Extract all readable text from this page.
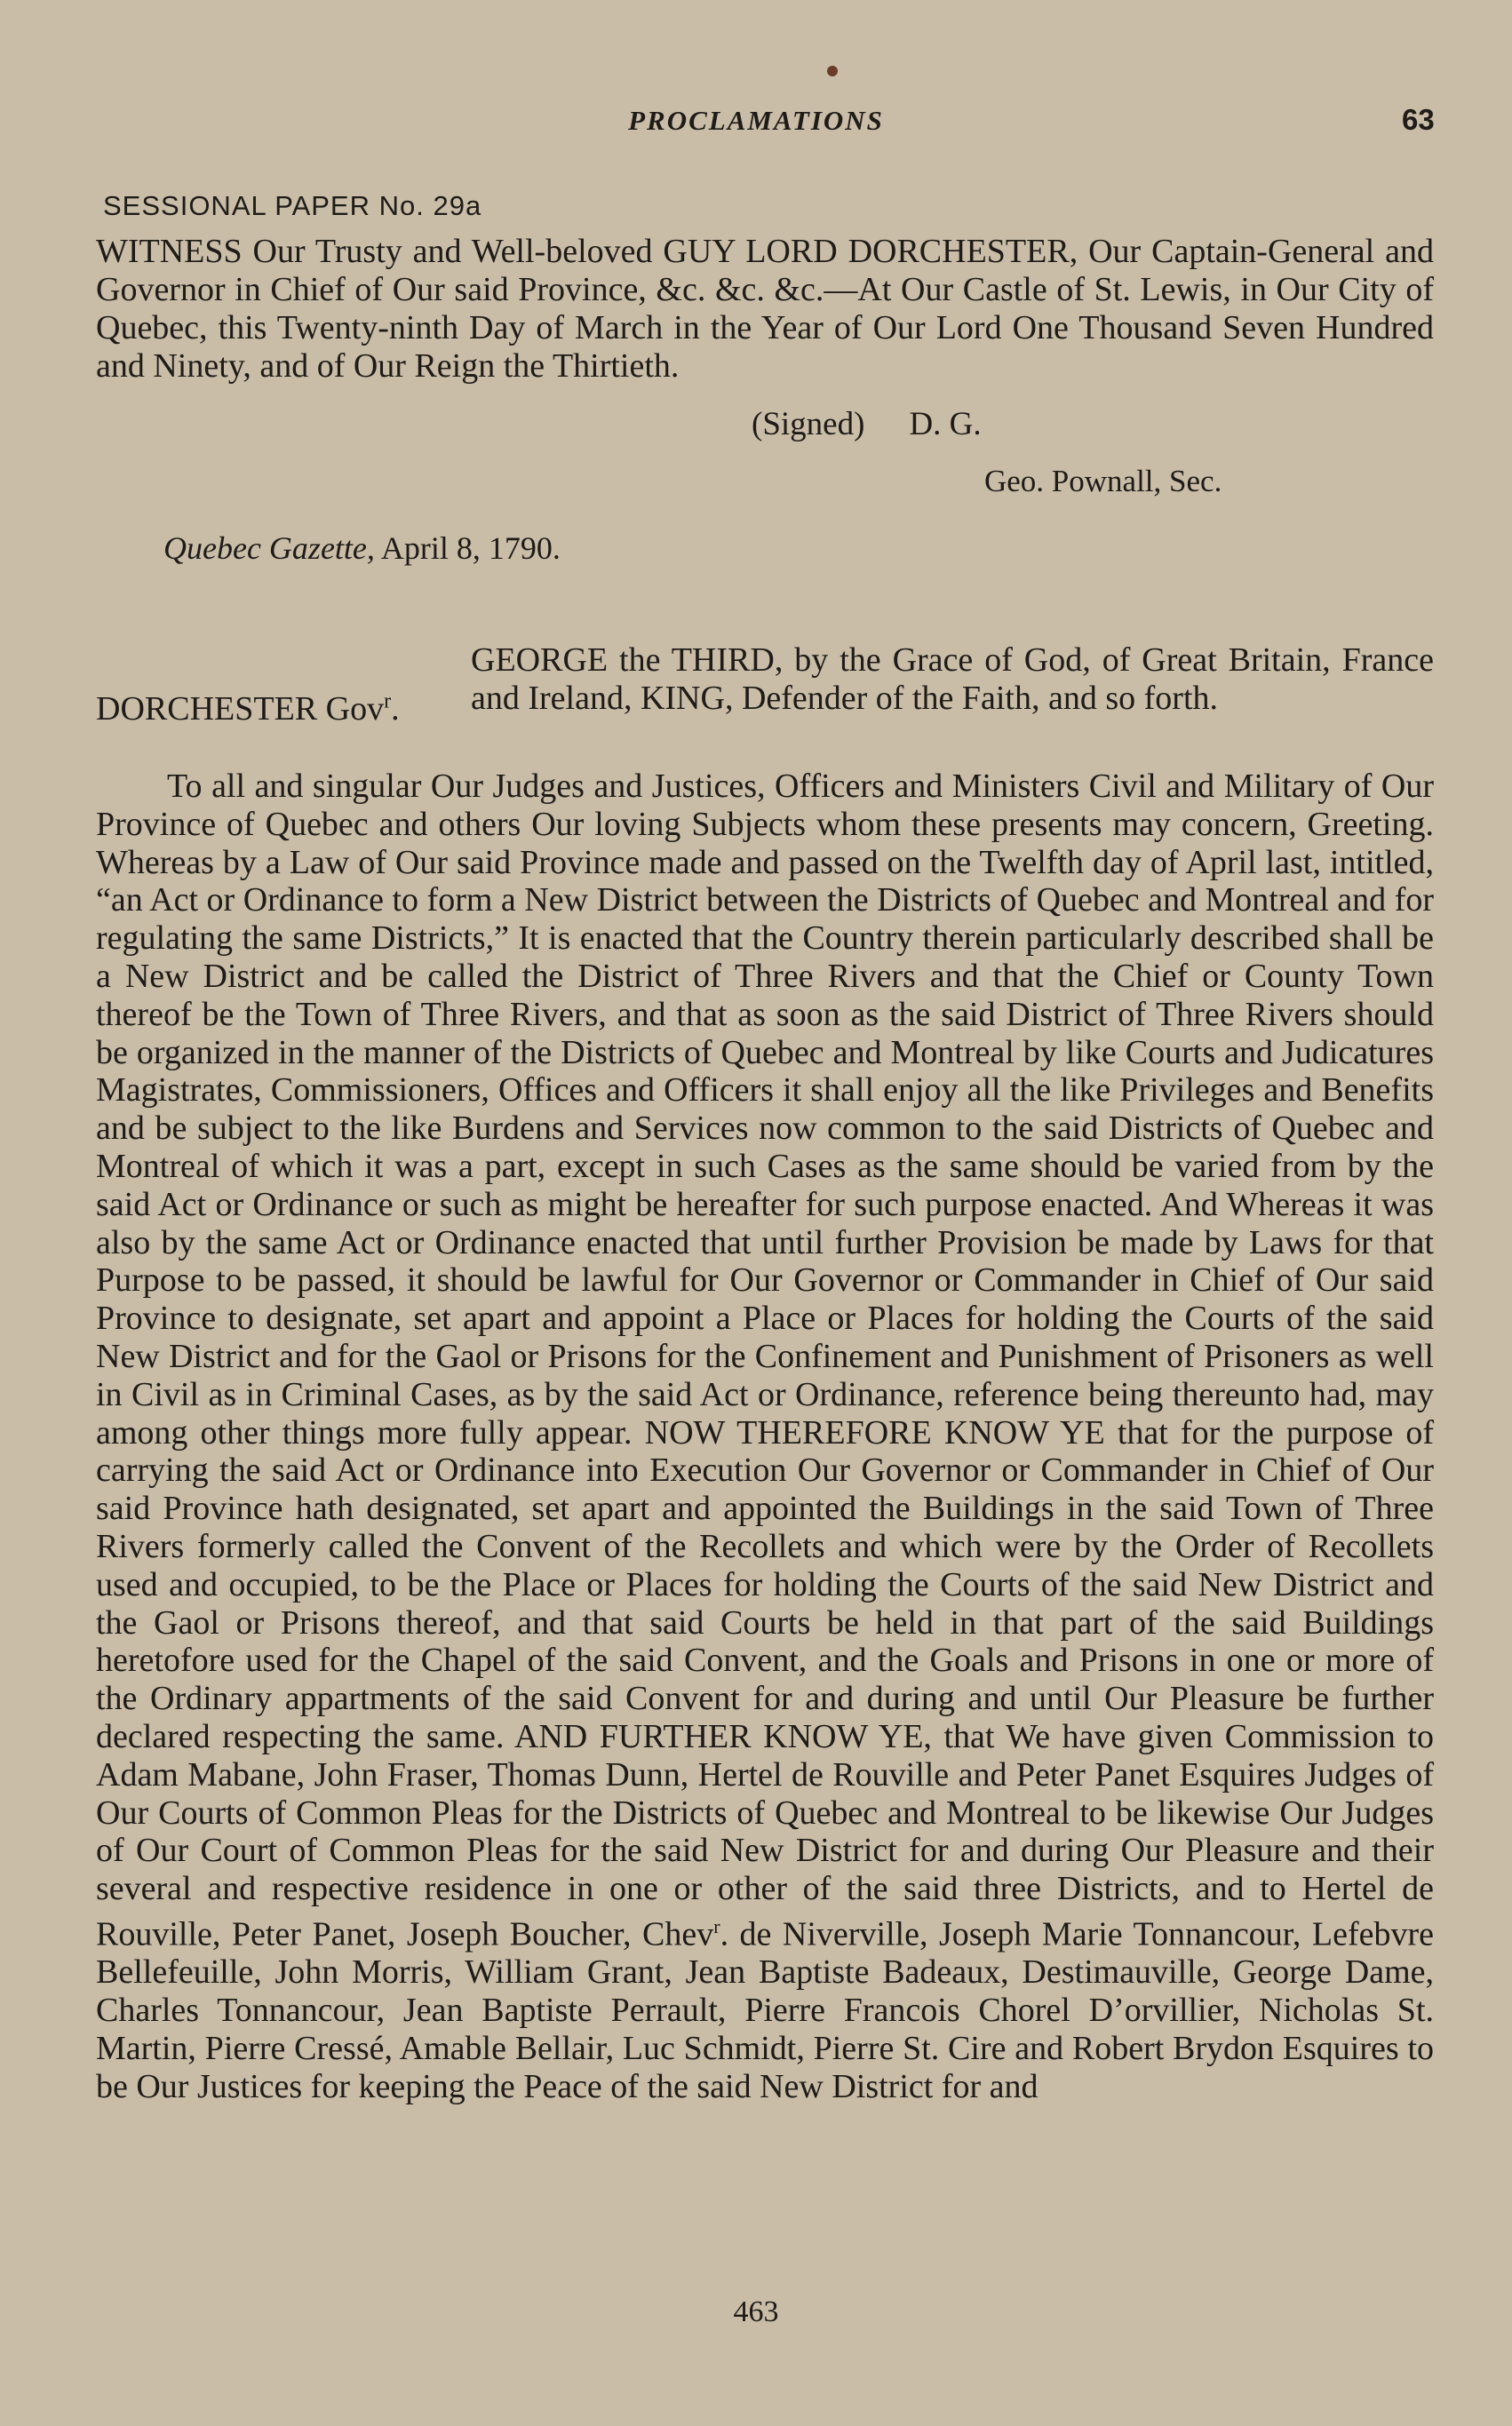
PROCLAMATIONS	63
SESSIONAL PAPER No. 29a

WITNESS Our Trusty and Well-beloved GUY LORD DORCHESTER, Our Captain-General and Governor in Chief of Our said Province, &c. &c. &c.—At Our Castle of St. Lewis, in Our City of Quebec, this Twenty-ninth Day of March in the Year of Our Lord One Thousand Seven Hundred and Ninety, and of Our Reign the Thirtieth.

(Signed) D. G.
Geo. Pownall, Sec.
Quebec Gazette, April 8, 1790.
DORCHESTER Gov$^r$.

GEORGE the THIRD, by the Grace of God, of Great Britain, France and Ireland, KING, Defender of the Faith, and so forth.

To all and singular Our Judges and Justices, Officers and Ministers Civil and Military of Our Province of Quebec and others Our loving Subjects whom these presents may concern, Greeting. Whereas by a Law of Our said Province made and passed on the Twelfth day of April last, intitled, “an Act or Ordinance to form a New District between the Districts of Quebec and Montreal and for regulating the same Districts,” It is enacted that the Country therein particularly described shall be a New District and be called the District of Three Rivers and that the Chief or County Town thereof be the Town of Three Rivers, and that as soon as the said District of Three Rivers should be organized in the manner of the Districts of Quebec and Montreal by like Courts and Judicatures Magistrates, Commissioners, Offices and Officers it shall enjoy all the like Privileges and Benefits and be subject to the like Burdens and Services now common to the said Districts of Quebec and Montreal of which it was a part, except in such Cases as the same should be varied from by the said Act or Ordinance or such as might be hereafter for such purpose enacted. And Whereas it was also by the same Act or Ordinance enacted that until further Provision be made by Laws for that Purpose to be passed, it should be lawful for Our Governor or Commander in Chief of Our said Province to designate, set apart and appoint a Place or Places for holding the Courts of the said New District and for the Gaol or Prisons for the Confinement and Punishment of Prisoners as well in Civil as in Criminal Cases, as by the said Act or Ordinance, reference being thereunto had, may among other things more fully appear. NOW THEREFORE KNOW YE that for the purpose of carrying the said Act or Ordinance into Execution Our Governor or Commander in Chief of Our said Province hath designated, set apart and appointed the Buildings in the said Town of Three Rivers formerly called the Convent of the Recollets and which were by the Order of Recollets used and occupied, to be the Place or Places for holding the Courts of the said New District and the Gaol or Prisons thereof, and that said Courts be held in that part of the said Buildings heretofore used for the Chapel of the said Convent, and the Goals and Prisons in one or more of the Ordinary appartments of the said Convent for and during and until Our Pleasure be further declared respecting the same. AND FURTHER KNOW YE, that We have given Commission to Adam Mabane, John Fraser, Thomas Dunn, Hertel de Rouville and Peter Panet Esquires Judges of Our Courts of Common Pleas for the Districts of Quebec and Montreal to be likewise Our Judges of Our Court of Common Pleas for the said New District for and during Our Pleasure and their several and respective residence in one or other of the said three Districts, and to Hertel de Rouville, Peter Panet, Joseph Boucher, Chev$^r$. de Niverville, Joseph Marie Tonnancour, Lefebvre Bellefeuille, John Morris, William Grant, Jean Baptiste Badeaux, Destimauville, George Dame, Charles Tonnancour, Jean Baptiste Perrault, Pierre Francois Chorel D’orvillier, Nicholas St. Martin, Pierre Cressé, Amable Bellair, Luc Schmidt, Pierre St. Cire and Robert Brydon Esquires to be Our Justices for keeping the Peace of the said New District for and

463
